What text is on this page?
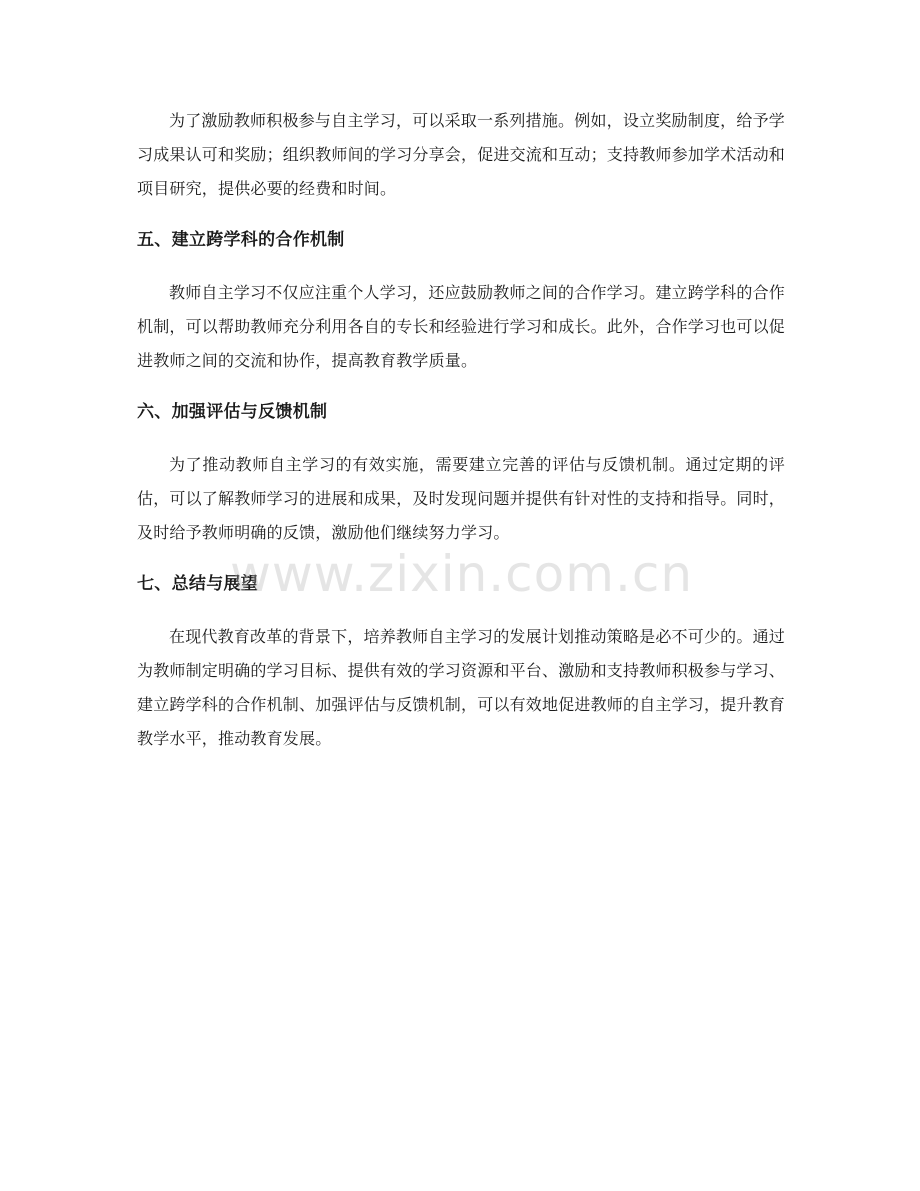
为了激励教师积极参与自主学习，可以采取一系列措施。例如，设立奖励制度，给予学习成果认可和奖励；组织教师间的学习分享会，促进交流和互动；支持教师参加学术活动和项目研究，提供必要的经费和时间。

五、建立跨学科的合作机制

教师自主学习不仅应注重个人学习，还应鼓励教师之间的合作学习。建立跨学科的合作机制，可以帮助教师充分利用各自的专长和经验进行学习和成长。此外，合作学习也可以促进教师之间的交流和协作，提高教育教学质量。

六、加强评估与反馈机制

为了推动教师自主学习的有效实施，需要建立完善的评估与反馈机制。通过定期的评估，可以了解教师学习的进展和成果，及时发现问题并提供有针对性的支持和指导。同时，及时给予教师明确的反馈，激励他们继续努力学习。

七、总结与展望

在现代教育改革的背景下，培养教师自主学习的发展计划推动策略是必不可少的。通过为教师制定明确的学习目标、提供有效的学习资源和平台、激励和支持教师积极参与学习、建立跨学科的合作机制、加强评估与反馈机制，可以有效地促进教师的自主学习，提升教育教学水平，推动教育发展。

www.zixin.com.cn
